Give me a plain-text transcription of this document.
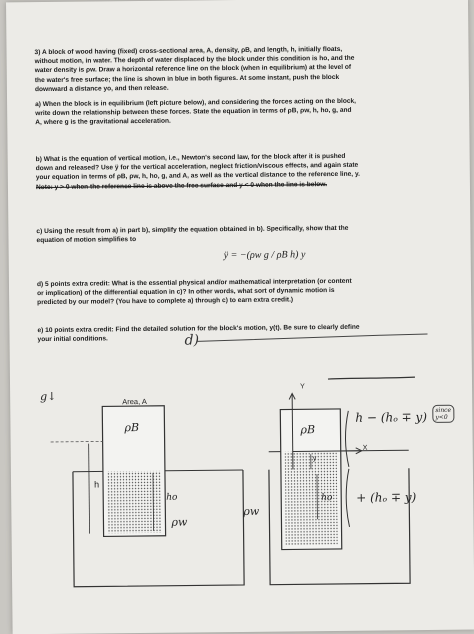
3) A block of wood having (fixed) cross-sectional area, A, density, ρB, and length, h, initially floats,
without motion, in water. The depth of water displaced by the block under this condition is ho, and the
water density is ρw. Draw a horizontal reference line on the block (when in equilibrium) at the level of
the water's free surface; the line is shown in blue in both figures. At some instant, push the block
downward a distance yo, and then release.
a) When the block is in equilibrium (left picture below), and considering the forces acting on the block,
write down the relationship between these forces. State the equation in terms of ρB, ρw, h, ho, g, and
A, where g is the gravitational acceleration.
b) What is the equation of vertical motion, i.e., Newton's second law, for the block after it is pushed
down and released? Use ÿ for the vertical acceleration, neglect friction/viscous effects, and again state
your equation in terms of ρB, ρw, h, ho, g, and A, as well as the vertical distance to the reference line, y.
Note: y > 0 when the reference line is above the free surface and y < 0 when the line is below.
c) Using the result from a) in part b), simplify the equation obtained in b). Specifically, show that the
equation of motion simplifies to
ÿ = −(ρw g / ρB h) y
d) 5 points extra credit: What is the essential physical and/or mathematical interpretation (or content
or implication) of the differential equation in c)? In other words, what sort of dynamic motion is
predicted by our model? (You have to complete a) through c) to earn extra credit.)
e) 10 points extra credit: Find the detailed solution for the block's motion, y(t). Be sure to clearly define
your initial conditions.	d)
g↓	Area, A
ρB
h
ho
ρw
Y
ρB
y
X
ho
ρw
h − (hₒ ∓ y)	since
y<0
+ (hₒ ∓ y)
